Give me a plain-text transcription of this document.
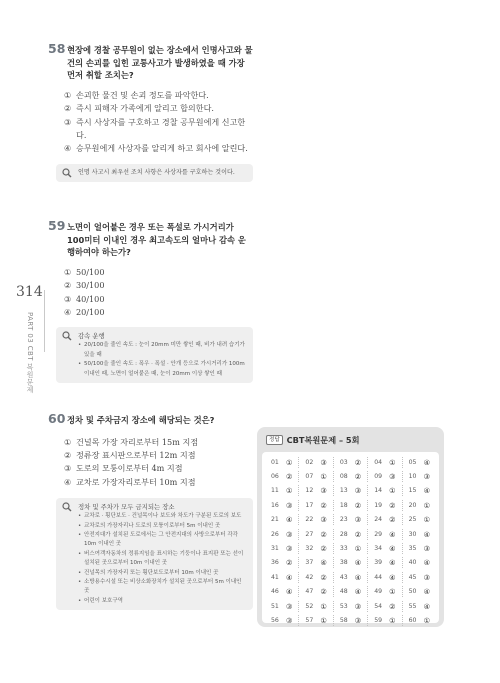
314
PART 03 CBT 복원문제
58 현장에 경찰 공무원이 없는 장소에서 인명사고와 물건의 손괴를 입힌 교통사고가 발생하였을 때 가장 먼저 취할 조치는?
① 손괴한 물건 및 손괴 정도를 파악한다.
② 즉시 피해자 가족에게 알리고 합의한다.
③ 즉시 사상자를 구호하고 경찰 공무원에게 신고한다.
④ 승무원에게 사상자를 알리게 하고 회사에 알린다.
인명 사고시 최우선 조치 사항은 사상자를 구호하는 것이다.
59 노면이 얼어붙은 경우 또는 폭설로 가시거리가 100미터 이내인 경우 최고속도의 얼마나 감속 운행하여야 하는가?
① 50/100
② 30/100
③ 40/100
④ 20/100
감속 운행
• 20/100을 줄인 속도 : 눈이 20mm 미만 쌓인 때, 비가 내려 습기가 있을 때
• 50/100을 줄인 속도 : 폭우 · 폭설 · 안개 등으로 가시거리가 100m 이내인 때, 노면이 얼어붙은 때, 눈이 20mm 이상 쌓인 때
60 정차 및 주차금지 장소에 해당되는 것은?
① 건널목 가장 자리로부터 15m 지점
② 정류장 표시판으로부터 12m 지점
③ 도로의 모퉁이로부터 4m 지점
④ 교차로 가장자리로부터 10m 지점
정차 및 주차가 모두 금지되는 장소
• 교차로 · 횡단보도 · 건널목이나 보도와 차도가 구분된 도로의 보도
• 교차로의 가장자리나 도로의 모퉁이로부터 5m 이내인 곳
• 안전지대가 설치된 도로에서는 그 안전지대의 사방으로부터 각각 10m 이내인 곳
• 버스여객자동차의 정류지임을 표시하는 기둥이나 표지판 또는 선이 설치된 곳으로부터 10m 이내인 곳
• 건널목의 가장자리 또는 횡단보도로부터 10m 이내인 곳
• 소방용수시설 또는 비상소화장치가 설치된 곳으로부터 5m 이내인 곳
• 어린이 보호구역
정답 CBT복원문제 – 5회
01 ① 02 ③ 03 ② 04 ① 05 ④
06 ② 07 ① 08 ② 09 ③ 10 ③
11 ① 12 ③ 13 ③ 14 ① 15 ④
16 ③ 17 ② 18 ② 19 ② 20 ①
21 ④ 22 ③ 23 ③ 24 ② 25 ①
26 ③ 27 ② 28 ② 29 ④ 30 ④
31 ③ 32 ② 33 ① 34 ④ 35 ③
36 ② 37 ④ 38 ④ 39 ④ 40 ④
41 ④ 42 ② 43 ④ 44 ④ 45 ③
46 ④ 47 ② 48 ④ 49 ① 50 ④
51 ③ 52 ① 53 ③ 54 ② 55 ④
56 ③ 57 ① 58 ③ 59 ① 60 ①
